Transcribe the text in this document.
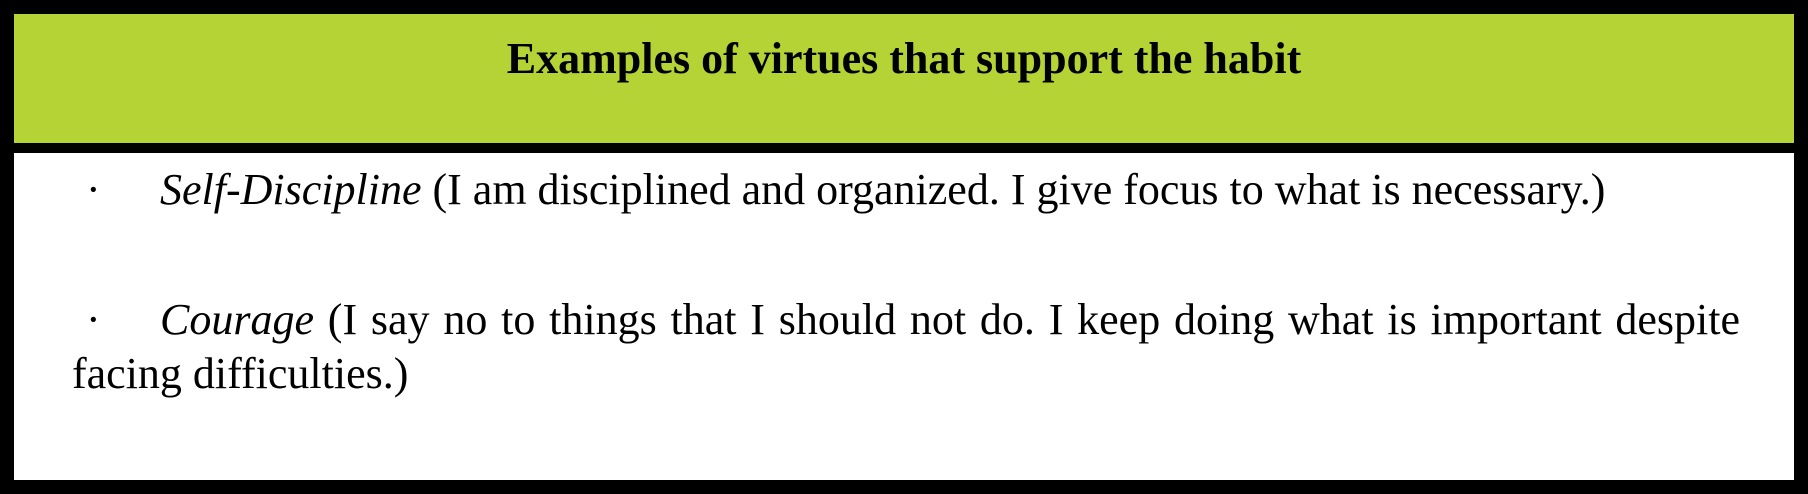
Examples of virtues that support the habit

· Self-Discipline (I am disciplined and organized. I give focus to what is necessary.)

· Courage (I say no to things that I should not do. I keep doing what is important despite facing difficulties.)
